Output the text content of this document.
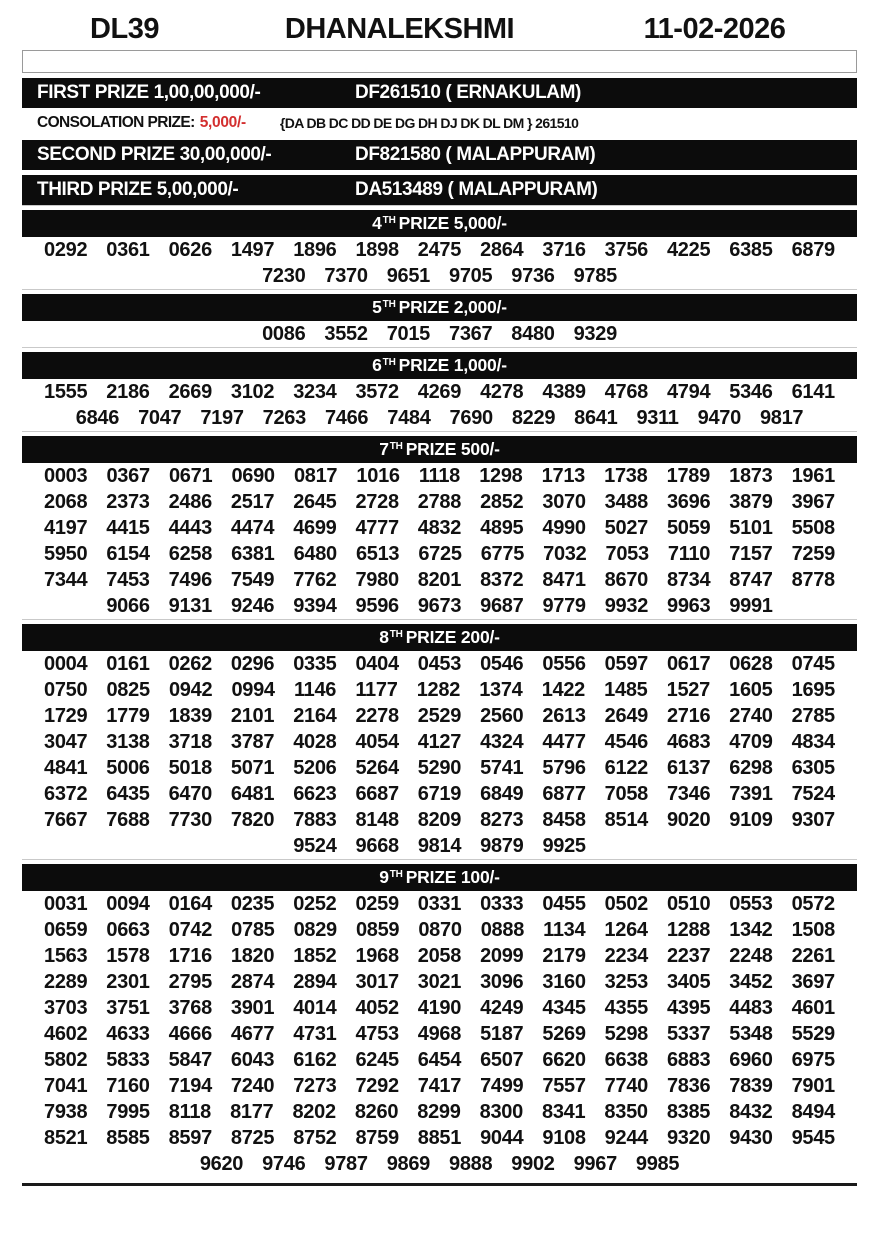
DL39	DHANALEKSHMI	11-02-2026
FIRST PRIZE 1,00,00,000/-	DF261510 ( ERNAKULAM)
CONSOLATION PRIZE: 5,000/- {DA DB DC DD DE DG DH DJ DK DL DM } 261510
SECOND PRIZE 30,00,000/-	DF821580 ( MALAPPURAM)
THIRD PRIZE 5,00,000/-	DA513489 ( MALAPPURAM)
4 TH PRIZE 5,000/-
0292 0361 0626 1497 1896 1898 2475 2864 3716 3756 4225 6385 6879
7230 7370 9651 9705 9736 9785
5 TH PRIZE 2,000/-
0086 3552 7015 7367 8480 9329
6 TH PRIZE 1,000/-
1555 2186 2669 3102 3234 3572 4269 4278 4389 4768 4794 5346 6141
6846 7047 7197 7263 7466 7484 7690 8229 8641 9311 9470 9817
7 TH PRIZE 500/-
0003 0367 0671 0690 0817 1016 1118 1298 1713 1738 1789 1873 1961
2068 2373 2486 2517 2645 2728 2788 2852 3070 3488 3696 3879 3967
4197 4415 4443 4474 4699 4777 4832 4895 4990 5027 5059 5101 5508
5950 6154 6258 6381 6480 6513 6725 6775 7032 7053 7110 7157 7259
7344 7453 7496 7549 7762 7980 8201 8372 8471 8670 8734 8747 8778
9066 9131 9246 9394 9596 9673 9687 9779 9932 9963 9991
8 TH PRIZE 200/-
0004 0161 0262 0296 0335 0404 0453 0546 0556 0597 0617 0628 0745
0750 0825 0942 0994 1146 1177 1282 1374 1422 1485 1527 1605 1695
1729 1779 1839 2101 2164 2278 2529 2560 2613 2649 2716 2740 2785
3047 3138 3718 3787 4028 4054 4127 4324 4477 4546 4683 4709 4834
4841 5006 5018 5071 5206 5264 5290 5741 5796 6122 6137 6298 6305
6372 6435 6470 6481 6623 6687 6719 6849 6877 7058 7346 7391 7524
7667 7688 7730 7820 7883 8148 8209 8273 8458 8514 9020 9109 9307
9524 9668 9814 9879 9925
9 TH PRIZE 100/-
0031 0094 0164 0235 0252 0259 0331 0333 0455 0502 0510 0553 0572
0659 0663 0742 0785 0829 0859 0870 0888 1134 1264 1288 1342 1508
1563 1578 1716 1820 1852 1968 2058 2099 2179 2234 2237 2248 2261
2289 2301 2795 2874 2894 3017 3021 3096 3160 3253 3405 3452 3697
3703 3751 3768 3901 4014 4052 4190 4249 4345 4355 4395 4483 4601
4602 4633 4666 4677 4731 4753 4968 5187 5269 5298 5337 5348 5529
5802 5833 5847 6043 6162 6245 6454 6507 6620 6638 6883 6960 6975
7041 7160 7194 7240 7273 7292 7417 7499 7557 7740 7836 7839 7901
7938 7995 8118 8177 8202 8260 8299 8300 8341 8350 8385 8432 8494
8521 8585 8597 8725 8752 8759 8851 9044 9108 9244 9320 9430 9545
9620 9746 9787 9869 9888 9902 9967 9985
